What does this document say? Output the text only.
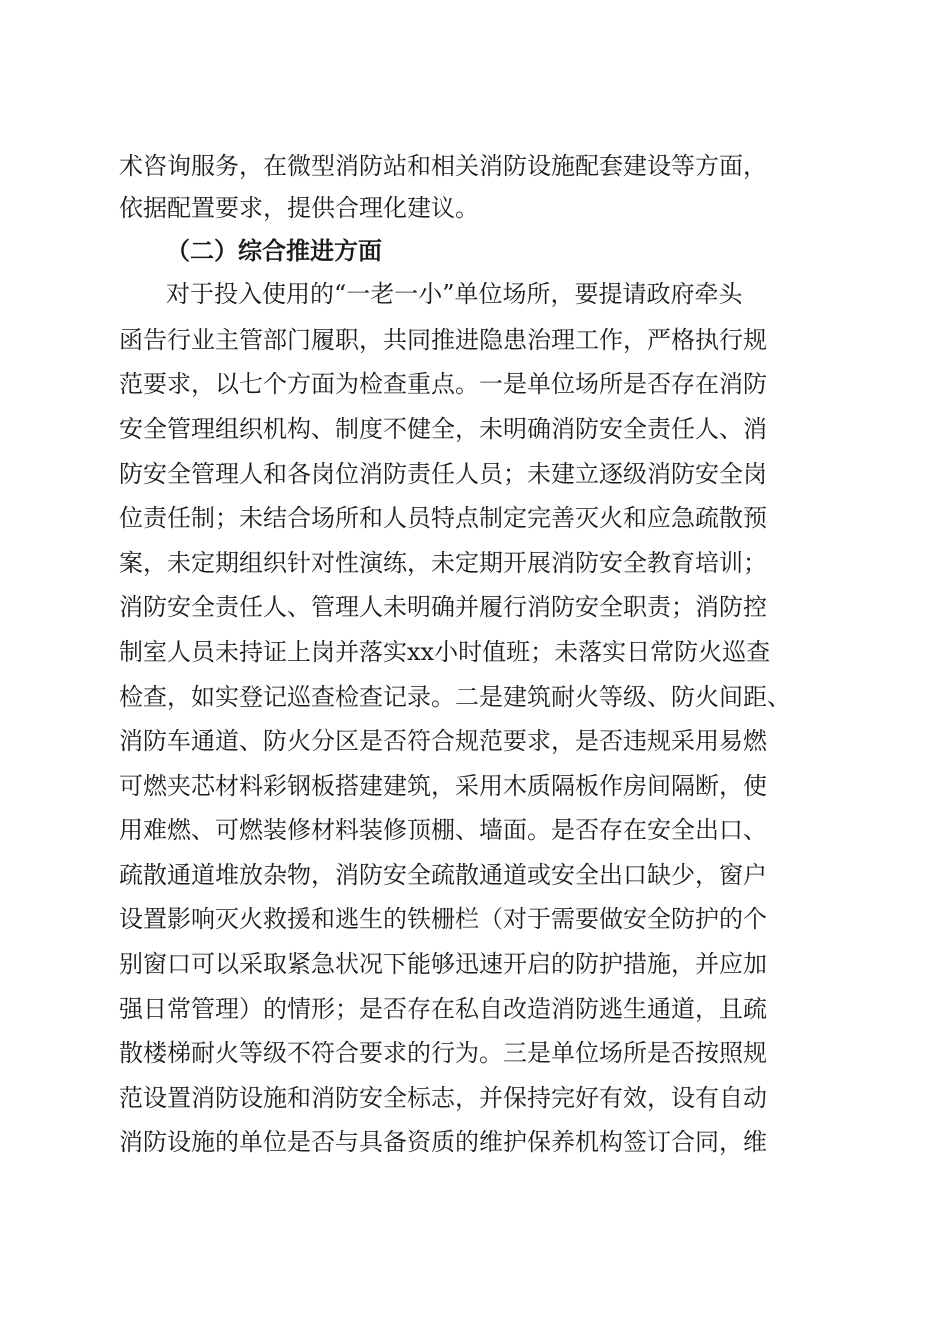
术咨询服务，在微型消防站和相关消防设施配套建设等方面，

依据配置要求，提供合理化建议。

（二）综合推进方面

对于投入使用的“一老一小”单位场所，要提请政府牵头

函告行业主管部门履职，共同推进隐患治理工作，严格执行规

范要求，以七个方面为检查重点。一是单位场所是否存在消防

安全管理组织机构、制度不健全，未明确消防安全责任人、消

防安全管理人和各岗位消防责任人员；未建立逐级消防安全岗

位责任制；未结合场所和人员特点制定完善灭火和应急疏散预

案，未定期组织针对性演练，未定期开展消防安全教育培训；

消防安全责任人、管理人未明确并履行消防安全职责；消防控

制室人员未持证上岗并落实xx小时值班；未落实日常防火巡查

检查，如实登记巡查检查记录。二是建筑耐火等级、防火间距、

消防车通道、防火分区是否符合规范要求，是否违规采用易燃

可燃夹芯材料彩钢板搭建建筑，采用木质隔板作房间隔断，使

用难燃、可燃装修材料装修顶棚、墙面。是否存在安全出口、

疏散通道堆放杂物，消防安全疏散通道或安全出口缺少，窗户

设置影响灭火救援和逃生的铁栅栏（对于需要做安全防护的个

别窗口可以采取紧急状况下能够迅速开启的防护措施，并应加

强日常管理）的情形；是否存在私自改造消防逃生通道，且疏

散楼梯耐火等级不符合要求的行为。三是单位场所是否按照规

范设置消防设施和消防安全标志，并保持完好有效，设有自动

消防设施的单位是否与具备资质的维护保养机构签订合同，维
